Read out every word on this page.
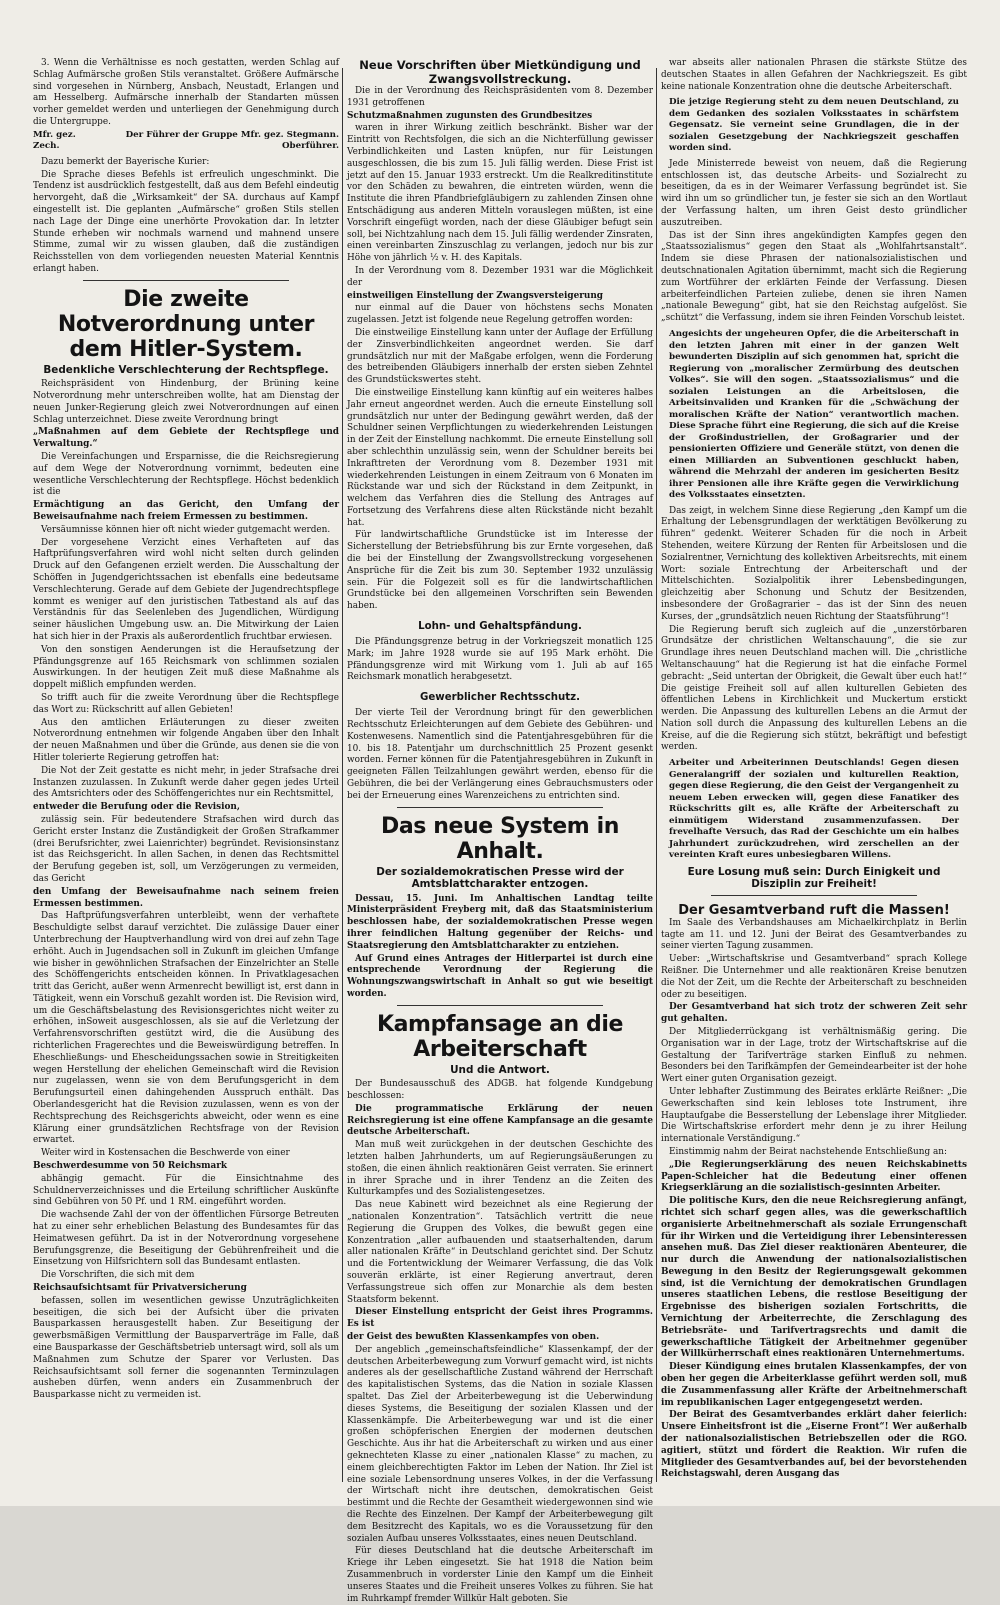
3. Wenn die Verhältnisse es noch gestatten, werden Schlag auf Schlag Aufmärsche großen Stils veranstaltet. Größere Aufmärsche sind vorgesehen in Nürnberg, Ansbach, Neustadt, Erlangen und am Hesselberg. Aufmärsche innerhalb der Standarten müssen vorher gemeldet werden und unterliegen der Genehmigung durch die Untergruppe.

Mfr. gez. Zech.
Der Führer der Gruppe Mfr. gez. Stegmann. Oberführer.

Dazu bemerkt der Bayerische Kurier:

Die Sprache dieses Befehls ist erfreulich ungeschminkt. Die Tendenz ist ausdrücklich festgestellt, daß aus dem Befehl eindeutig hervorgeht, daß die „Wirksamkeit“ der SA. durchaus auf Kampf eingestellt ist. Die geplanten „Aufmärsche“ großen Stils stellen nach Lage der Dinge eine unerhörte Provokation dar. In letzter Stunde erheben wir nochmals warnend und mahnend unsere Stimme, zumal wir zu wissen glauben, daß die zuständigen Reichsstellen von dem vorliegenden neuesten Material Kenntnis erlangt haben.

Die zweite Notverordnung unter dem Hitler-System.
Bedenkliche Verschlechterung der Rechtspflege.

Reichspräsident von Hindenburg, der Brüning keine Notverordnung mehr unterschreiben wollte, hat am Dienstag der neuen Junker-Regierung gleich zwei Notverordnungen auf einen Schlag unterzeichnet. Diese zweite Verordnung bringt

„Maßnahmen auf dem Gebiete der Rechtspflege und Verwaltung.“

Die Vereinfachungen und Ersparnisse, die die Reichsregierung auf dem Wege der Notverordnung vornimmt, bedeuten eine wesentliche Verschlechterung der Rechtspflege. Höchst bedenklich ist die

Ermächtigung an das Gericht, den Umfang der Beweisaufnahme nach freiem Ermessen zu bestimmen.

Versäumnisse können hier oft nicht wieder gutgemacht werden.

Der vorgesehene Verzicht eines Verhafteten auf das Haftprüfungsverfahren wird wohl nicht selten durch gelinden Druck auf den Gefangenen erzielt werden. Die Ausschaltung der Schöffen in Jugendgerichtssachen ist ebenfalls eine bedeutsame Verschlechterung. Gerade auf dem Gebiete der Jugendrechtspflege kommt es weniger auf den juristischen Tatbestand als auf das Verständnis für das Seelenleben des Jugendlichen, Würdigung seiner häuslichen Umgebung usw. an. Die Mitwirkung der Laien hat sich hier in der Praxis als außerordentlich fruchtbar erwiesen.

Von den sonstigen Aenderungen ist die Heraufsetzung der Pfändungsgrenze auf 165 Reichsmark von schlimmen sozialen Auswirkungen. In der heutigen Zeit muß diese Maßnahme als doppelt mißlich empfunden werden.

So trifft auch für die zweite Verordnung über die Rechtspflege das Wort zu: Rückschritt auf allen Gebieten!

Aus den amtlichen Erläuterungen zu dieser zweiten Notverordnung entnehmen wir folgende Angaben über den Inhalt der neuen Maßnahmen und über die Gründe, aus denen sie die von Hitler tolerierte Regierung getroffen hat:

Die Not der Zeit gestatte es nicht mehr, in jeder Strafsache drei Instanzen zuzulassen. In Zukunft werde daher gegen jedes Urteil des Amtsrichters oder des Schöffengerichtes nur ein Rechtsmittel,

entweder die Berufung oder die Revision,

zulässig sein. Für bedeutendere Strafsachen wird durch das Gericht erster Instanz die Zuständigkeit der Großen Strafkammer (drei Berufsrichter, zwei Laienrichter) begründet. Revisionsinstanz ist das Reichsgericht. In allen Sachen, in denen das Rechtsmittel der Berufung gegeben ist, soll, um Verzögerungen zu vermeiden, das Gericht

den Umfang der Beweisaufnahme nach seinem freien Ermessen bestimmen.

Das Haftprüfungsverfahren unterbleibt, wenn der verhaftete Beschuldigte selbst darauf verzichtet. Die zulässige Dauer einer Unterbrechung der Hauptverhandlung wird von drei auf zehn Tage erhöht. Auch in Jugendsachen soll in Zukunft im gleichen Umfange wie bisher in gewöhnlichen Strafsachen der Einzelrichter an Stelle des Schöffengerichts entscheiden können. In Privatklagesachen tritt das Gericht, außer wenn Armenrecht bewilligt ist, erst dann in Tätigkeit, wenn ein Vorschuß gezahlt worden ist. Die Revision wird, um die Geschäftsbelastung des Revisionsgerichtes nicht weiter zu erhöhen, inSoweit ausgeschlossen, als sie auf die Verletzung der Verfahrensvorschriften gestützt wird, die die Ausübung des richterlichen Fragerechtes und die Beweiswürdigung betreffen. In Eheschließungs- und Ehescheidungssachen sowie in Streitigkeiten wegen Herstellung der ehelichen Gemeinschaft wird die Revision nur zugelassen, wenn sie von dem Berufungsgericht in dem Berufungsurteil einen dahingehenden Ausspruch enthält. Das Oberlandesgericht hat die Revision zuzulassen, wenn es von der Rechtsprechung des Reichsgerichts abweicht, oder wenn es eine Klärung einer grundsätzlichen Rechtsfrage von der Revision erwartet.

Weiter wird in Kostensachen die Beschwerde von einer

Beschwerdesumme von 50 Reichsmark

abhängig gemacht. Für die Einsichtnahme des Schuldnerverzeichnisses und die Erteilung schriftlicher Auskünfte sind Gebühren von 50 Pf. und 1 RM. eingeführt worden.

Die wachsende Zahl der von der öffentlichen Fürsorge Betreuten hat zu einer sehr erheblichen Belastung des Bundesamtes für das Heimatwesen geführt. Da ist in der Notverordnung vorgesehene Berufungsgrenze, die Beseitigung der Gebührenfreiheit und die Einsetzung von Hilfsrichtern soll das Bundesamt entlasten.

Die Vorschriften, die sich mit dem

Reichsaufsichtsamt für Privatversicherung

befassen, sollen im wesentlichen gewisse Unzuträglichkeiten beseitigen, die sich bei der Aufsicht über die privaten Bausparkassen herausgestellt haben. Zur Beseitigung der gewerbsmäßigen Vermittlung der Bausparverträge im Falle, daß eine Bausparkasse der Geschäftsbetrieb untersagt wird, soll als um Maßnahmen zum Schutze der Sparer vor Verlusten. Das Reichsaufsichtsamt soll ferner die sogenannten Terminzulagen ausheben dürfen, wenn anders ein Zusammenbruch der Bausparkasse nicht zu vermeiden ist.

Neue Vorschriften über Mietkündigung und Zwangsvollstreckung.

Die in der Verordnung des Reichspräsidenten vom 8. Dezember 1931 getroffenen

Schutzmaßnahmen zugunsten des Grundbesitzes

waren in ihrer Wirkung zeitlich beschränkt. Bisher war der Eintritt von Rechtsfolgen, die sich an die Nichterfüllung gewisser Verbindlichkeiten und Lasten knüpfen, nur für Leistungen ausgeschlossen, die bis zum 15. Juli fällig werden. Diese Frist ist jetzt auf den 15. Januar 1933 erstreckt. Um die Realkreditinstitute vor den Schäden zu bewahren, die eintreten würden, wenn die Institute die ihren Pfandbriefgläubigern zu zahlenden Zinsen ohne Entschädigung aus anderen Mitteln vorauslegen müßten, ist eine Vorschrift eingefügt worden, nach der diese Gläubiger befugt sein soll, bei Nichtzahlung nach dem 15. Juli fällig werdender Zinsraten, einen vereinbarten Zinszuschlag zu verlangen, jedoch nur bis zur Höhe von jährlich ½ v. H. des Kapitals.

In der Verordnung vom 8. Dezember 1931 war die Möglichkeit der

einstweiligen Einstellung der Zwangsversteigerung

nur einmal auf die Dauer von höchstens sechs Monaten zugelassen. Jetzt ist folgende neue Regelung getroffen worden:

Die einstweilige Einstellung kann unter der Auflage der Erfüllung der Zinsverbindlichkeiten angeordnet werden. Sie darf grundsätzlich nur mit der Maßgabe erfolgen, wenn die Forderung des betreibenden Gläubigers innerhalb der ersten sieben Zehntel des Grundstückswertes steht.

Die einstweilige Einstellung kann künftig auf ein weiteres halbes Jahr erneut angeordnet werden. Auch die erneute Einstellung soll grundsätzlich nur unter der Bedingung gewährt werden, daß der Schuldner seinen Verpflichtungen zu wiederkehrenden Leistungen in der Zeit der Einstellung nachkommt. Die erneute Einstellung soll aber schlechthin unzulässig sein, wenn der Schuldner bereits bei Inkrafttreten der Verordnung vom 8. Dezember 1931 mit wiederkehrenden Leistungen in einem Zeitraum von 6 Monaten im Rückstande war und sich der Rückstand in dem Zeitpunkt, in welchem das Verfahren dies die Stellung des Antrages auf Fortsetzung des Verfahrens diese alten Rückstände nicht bezahlt hat.

Für landwirtschaftliche Grundstücke ist im Interesse der Sicherstellung der Betriebsführung bis zur Ernte vorgesehen, daß die bei der Einstellung der Zwangsvollstreckung vorgesehenen Ansprüche für die Zeit bis zum 30. September 1932 unzulässig sein. Für die Folgezeit soll es für die landwirtschaftlichen Grundstücke bei den allgemeinen Vorschriften sein Bewenden haben.

Lohn- und Gehaltspfändung.

Die Pfändungsgrenze betrug in der Vorkriegszeit monatlich 125 Mark; im Jahre 1928 wurde sie auf 195 Mark erhöht. Die Pfändungsgrenze wird mit Wirkung vom 1. Juli ab auf 165 Reichsmark monatlich herabgesetzt.

Gewerblicher Rechtsschutz.

Der vierte Teil der Verordnung bringt für den gewerblichen Rechtsschutz Erleichterungen auf dem Gebiete des Gebühren- und Kostenwesens. Namentlich sind die Patentjahresgebühren für die 10. bis 18. Patentjahr um durchschnittlich 25 Prozent gesenkt worden. Ferner können für die Patentjahresgebühren in Zukunft in geeigneten Fällen Teilzahlungen gewährt werden, ebenso für die Gebühren, die bei der Verlängerung eines Gebrauchsmusters oder bei der Erneuerung eines Warenzeichens zu entrichten sind.

Das neue System in Anhalt.
Der sozialdemokratischen Presse wird der Amtsblattcharakter entzogen.

Dessau, 15. Juni. Im Anhaltischen Landtag teilte Ministerpräsident Freyberg mit, daß das Staatsministerium beschlossen habe, der sozialdemokratischen Presse wegen ihrer feindlichen Haltung gegenüber der Reichs- und Staatsregierung den Amtsblattcharakter zu entziehen.

Auf Grund eines Antrages der Hitlerpartei ist durch eine entsprechende Verordnung der Regierung die Wohnungszwangswirtschaft in Anhalt so gut wie beseitigt worden.

Kampfansage an die Arbeiterschaft
Und die Antwort.

Der Bundesausschuß des ADGB. hat folgende Kundgebung beschlossen:

Die programmatische Erklärung der neuen Reichsregierung ist eine offene Kampfansage an die gesamte deutsche Arbeiterschaft.

Man muß weit zurückgehen in der deutschen Geschichte des letzten halben Jahrhunderts, um auf Regierungsäußerungen zu stoßen, die einen ähnlich reaktionären Geist verraten. Sie erinnert in ihrer Sprache und in ihrer Tendenz an die Zeiten des Kulturkampfes und des Sozialistengesetzes.

Das neue Kabinett wird bezeichnet als eine Regierung der „nationalen Konzentration“. Tatsächlich vertritt die neue Regierung die Gruppen des Volkes, die bewußt gegen eine Konzentration „aller aufbauenden und staatserhaltenden, darum aller nationalen Kräfte“ in Deutschland gerichtet sind. Der Schutz und die Fortentwicklung der Weimarer Verfassung, die das Volk souverän erklärte, ist einer Regierung anvertraut, deren Verfassungstreue sich offen zur Monarchie als dem besten Staatsform bekennt.

Dieser Einstellung entspricht der Geist ihres Programms. Es ist

der Geist des bewußten Klassenkampfes von oben.

Der angeblich „gemeinschaftsfeindliche“ Klassenkampf, der der deutschen Arbeiterbewegung zum Vorwurf gemacht wird, ist nichts anderes als der gesellschaftliche Zustand während der Herrschaft des kapitalistischen Systems, das die Nation in soziale Klassen spaltet. Das Ziel der Arbeiterbewegung ist die Ueberwindung dieses Systems, die Beseitigung der sozialen Klassen und der Klassenkämpfe. Die Arbeiterbewegung war und ist die einer großen schöpferischen Energien der modernen deutschen Geschichte. Aus ihr hat die Arbeiterschaft zu wirken und aus einer geknechteten Klasse zu einer „nationalen Klasse“ zu machen, zu einem gleichberechtigten Faktor im Leben der Nation. Ihr Ziel ist eine soziale Lebensordnung unseres Volkes, in der die Verfassung der Wirtschaft nicht ihre deutschen, demokratischen Geist bestimmt und die Rechte der Gesamtheit wiedergewonnen sind wie die Rechte des Einzelnen. Der Kampf der Arbeiterbewegung gilt dem Besitzrecht des Kapitals, wo es die Voraussetzung für den sozialen Aufbau unseres Volksstaates, eines neuen Deutschland.

Für dieses Deutschland hat die deutsche Arbeiterschaft im Kriege ihr Leben eingesetzt. Sie hat 1918 die Nation beim Zusammenbruch in vorderster Linie den Kampf um die Einheit unseres Staates und die Freiheit unseres Volkes zu führen. Sie hat im Ruhrkampf fremder Willkür Halt geboten. Sie

war abseits aller nationalen Phrasen die stärkste Stütze des deutschen Staates in allen Gefahren der Nachkriegszeit. Es gibt keine nationale Konzentration ohne die deutsche Arbeiterschaft.

Die jetzige Regierung steht zu dem neuen Deutschland, zu dem Gedanken des sozialen Volksstaates in schärfstem Gegensatz. Sie verneint seine Grundlagen, die in der sozialen Gesetzgebung der Nachkriegszeit geschaffen worden sind.

Jede Ministerrede beweist von neuem, daß die Regierung entschlossen ist, das deutsche Arbeits- und Sozialrecht zu beseitigen, da es in der Weimarer Verfassung begründet ist. Sie wird ihn um so gründlicher tun, je fester sie sich an den Wortlaut der Verfassung halten, um ihren Geist desto gründlicher auszutreiben.

Das ist der Sinn ihres angekündigten Kampfes gegen den „Staatssozialismus“ gegen den Staat als „Wohlfahrtsanstalt“. Indem sie diese Phrasen der nationalsozialistischen und deutschnationalen Agitation übernimmt, macht sich die Regierung zum Wortführer der erklärten Feinde der Verfassung. Diesen arbeiterfeindlichen Parteien zuliebe, denen sie ihren Namen „nationale Bewegung“ gibt, hat sie den Reichstag aufgelöst. Sie „schützt“ die Verfassung, indem sie ihren Feinden Vorschub leistet.

Angesichts der ungeheuren Opfer, die die Arbeiterschaft in den letzten Jahren mit einer in der ganzen Welt bewunderten Disziplin auf sich genommen hat, spricht die Regierung von „moralischer Zermürbung des deutschen Volkes“. Sie will den sogen. „Staatssozialismus“ und die sozialen Leistungen an die Arbeitslosen, die Arbeitsinvaliden und Kranken für die „Schwächung der moralischen Kräfte der Nation“ verantwortlich machen. Diese Sprache führt eine Regierung, die sich auf die Kreise der Großindustriellen, der Großagrarier und der pensionierten Offiziere und Generäle stützt, von denen die einen Milliarden an Subventionen geschluckt haben, während die Mehrzahl der anderen im gesicherten Besitz ihrer Pensionen alle ihre Kräfte gegen die Verwirklichung des Volksstaates einsetzten.

Das zeigt, in welchem Sinne diese Regierung „den Kampf um die Erhaltung der Lebensgrundlagen der werktätigen Bevölkerung zu führen“ gedenkt. Weiterer Schaden für die noch in Arbeit Stehenden, weitere Kürzung der Renten für Arbeitslosen und die Sozialrentner, Vernichtung des kollektiven Arbeitsrechts, mit einem Wort: soziale Entrechtung der Arbeiterschaft und der Mittelschichten. Sozialpolitik ihrer Lebensbedingungen, gleichzeitig aber Schonung und Schutz der Besitzenden, insbesondere der Großagrarier – das ist der Sinn des neuen Kurses, der „grundsätzlich neuen Richtung der Staatsführung“!

Die Regierung beruft sich zugleich auf die „unzerstörbaren Grundsätze der christlichen Weltanschauung“, die sie zur Grundlage ihres neuen Deutschland machen will. Die „christliche Weltanschauung“ hat die Regierung ist hat die einfache Formel gebracht: „Seid untertan der Obrigkeit, die Gewalt über euch hat!“ Die geistige Freiheit soll auf allen kulturellen Gebieten des öffentlichen Lebens in Kirchlichkeit und Muckertum erstickt werden. Die Anpassung des kulturellen Lebens an die Armut der Nation soll durch die Anpassung des kulturellen Lebens an die Kreise, auf die die Regierung sich stützt, bekräftigt und befestigt werden.

Arbeiter und Arbeiterinnen Deutschlands! Gegen diesen Generalangriff der sozialen und kulturellen Reaktion, gegen diese Regierung, die den Geist der Vergangenheit zu neuem Leben erwecken will, gegen diese Fanatiker des Rückschritts gilt es, alle Kräfte der Arbeiterschaft zu einmütigem Widerstand zusammenzufassen. Der frevelhafte Versuch, das Rad der Geschichte um ein halbes Jahrhundert zurückzudrehen, wird zerschellen an der vereinten Kraft eures unbesiegbaren Willens.
Eure Losung muß sein: Durch Einigkeit und Disziplin zur Freiheit!
Der Gesamtverband ruft die Massen!

Im Saale des Verbandshauses am Michaelkirchplatz in Berlin tagte am 11. und 12. Juni der Beirat des Gesamtverbandes zu seiner vierten Tagung zusammen.

Ueber: „Wirtschaftskrise und Gesamtverband“ sprach Kollege Reißner. Die Unternehmer und alle reaktionären Kreise benutzen die Not der Zeit, um die Rechte der Arbeiterschaft zu beschneiden oder zu beseitigen.

Der Gesamtverband hat sich trotz der schweren Zeit sehr gut gehalten.

Der Mitgliederrückgang ist verhältnismäßig gering. Die Organisation war in der Lage, trotz der Wirtschaftskrise auf die Gestaltung der Tarifverträge starken Einfluß zu nehmen. Besonders bei den Tarifkämpfen der Gemeindearbeiter ist der hohe Wert einer guten Organisation gezeigt.

Unter lebhafter Zustimmung des Beirates erklärte Reißner: „Die Gewerkschaften sind kein lebloses tote Instrument, ihre Hauptaufgabe die Besserstellung der Lebenslage ihrer Mitglieder. Die Wirtschaftskrise erfordert mehr denn je zu ihrer Heilung internationale Verständigung.“

Einstimmig nahm der Beirat nachstehende Entschließung an:

„Die Regierungserklärung des neuen Reichskabinetts Papen-Schleicher hat die Bedeutung einer offenen Kriegserklärung an die sozialistisch-gesinnten Arbeiter.

Die politische Kurs, den die neue Reichsregierung anfängt, richtet sich scharf gegen alles, was die gewerkschaftlich organisierte Arbeitnehmerschaft als soziale Errungenschaft für ihr Wirken und die Verteidigung ihrer Lebensinteressen ansehen muß. Das Ziel dieser reaktionären Abenteurer, die nur durch die Anwendung der nationalsozialistischen Bewegung in den Besitz der Regierungsgewalt gekommen sind, ist die Vernichtung der demokratischen Grundlagen unseres staatlichen Lebens, die restlose Beseitigung der Ergebnisse des bisherigen sozialen Fortschritts, die Vernichtung der Arbeiterrechte, die Zerschlagung des Betriebsräte- und Tarifvertragsrechts und damit die gewerkschaftliche Tätigkeit der Arbeitnehmer gegenüber der Willkürherrschaft eines reaktionären Unternehmertums.

Dieser Kündigung eines brutalen Klassenkampfes, der von oben her gegen die Arbeiterklasse geführt werden soll, muß die Zusammenfassung aller Kräfte der Arbeitnehmerschaft im republikanischen Lager entgegengesetzt werden.

Der Beirat des Gesamtverbandes erklärt daher feierlich: Unsere Einheitsfront ist die „Eiserne Front“! Wer außerhalb der nationalsozialistischen Betriebszellen oder die RGO. agitiert, stützt und fördert die Reaktion. Wir rufen die Mitglieder des Gesamtverbandes auf, bei der bevorstehenden Reichstagswahl, deren Ausgang das
